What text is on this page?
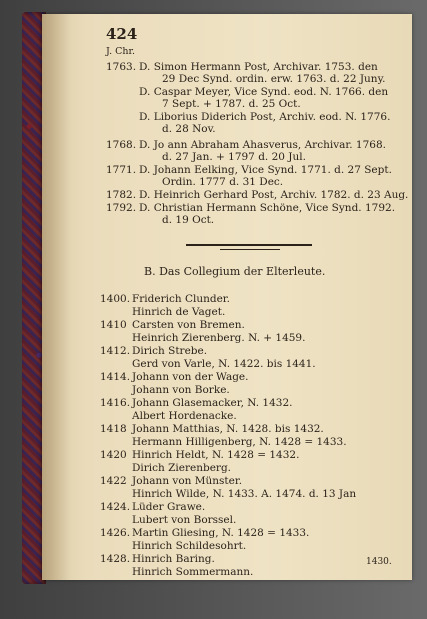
424
J. Chr.
1763. D. Simon Hermann Post, Archivar. 1753. den
29 Dec Synd. ordin. erw. 1763. d. 22 Juny.
D. Caspar Meyer, Vice Synd. eod. N. 1766. den
7 Sept. + 1787. d. 25 Oct.
D. Liborius Diderich Post, Archiv. eod. N. 1776.
d. 28 Nov.
1768. D. Jo ann Abraham Ahasverus, Archivar. 1768.
d. 27 Jan. + 1797 d. 20 Jul.
1771. D. Johann Eelking, Vice Synd. 1771. d. 27 Sept.
Ordin. 1777 d. 31 Dec.
1782. D. Heinrich Gerhard Post, Archiv. 1782. d. 23 Aug.
1792. D. Christian Hermann Schöne, Vice Synd. 1792.
d. 19 Oct.
B. Das Collegium der Elterleute.
1400. Friderich Clunder.
Hinrich de Vaget.
1410 Carsten von Bremen.
Heinrich Zierenberg. N. + 1459.
1412. Dirich Strebe.
Gerd von Varle, N. 1422. bis 1441.
1414. Johann von der Wage.
Johann von Borke.
1416. Johann Glasemacker, N. 1432.
Albert Hordenacke.
1418 Johann Matthias, N. 1428. bis 1432.
Hermann Hilligenberg, N. 1428 = 1433.
1420 Hinrich Heldt, N. 1428 = 1432.
Dirich Zierenberg.
1422 Johann von Münster.
Hinrich Wilde, N. 1433. A. 1474. d. 13 Jan
1424. Lüder Grawe.
Lubert von Borssel.
1426. Martin Gliesing, N. 1428 = 1433.
Hinrich Schildesohrt.
1428. Hinrich Baring.
Hinrich Sommermann.
1430.
